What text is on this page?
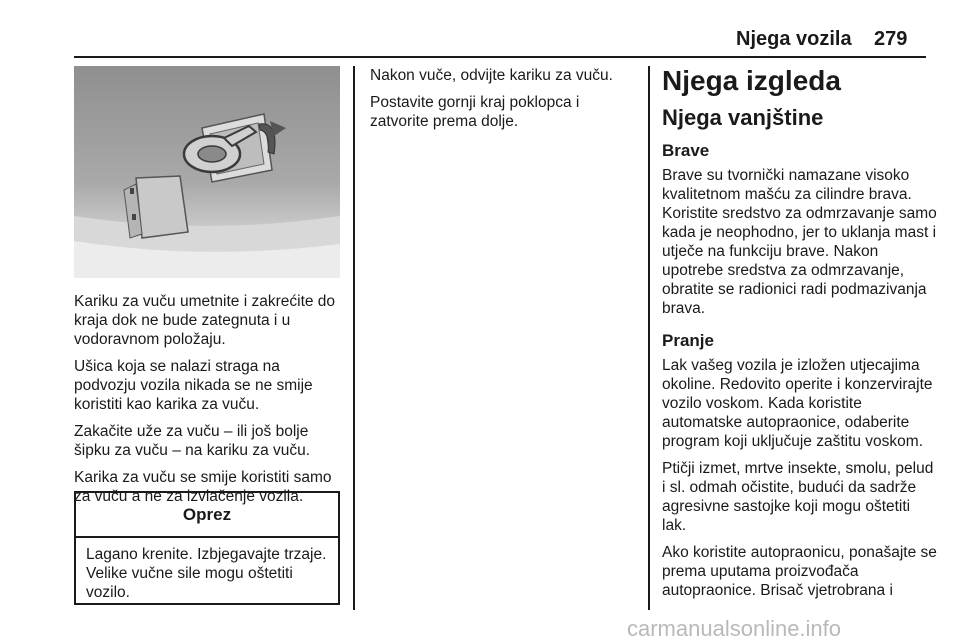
Njega vozila 279

Kariku za vuču umetnite i zakrećite do kraja dok ne bude zategnuta i u vodoravnom položaju.

Ušica koja se nalazi straga na podvozju vozila nikada se ne smije koristiti kao karika za vuču.

Zakačite uže za vuču – ili još bolje šipku za vuču – na kariku za vuču.

Karika za vuču se smije koristiti samo za vuču a ne za izvlačenje vozila.

Oprez
Lagano krenite. Izbjegavajte trzaje. Velike vučne sile mogu oštetiti vozilo.

Nakon vuče, odvijte kariku za vuču.

Postavite gornji kraj poklopca i zatvorite prema dolje.

Njega izgleda
Njega vanjštine
Brave
Brave su tvornički namazane visoko kvalitetnom mašću za cilindre brava. Koristite sredstvo za odmrzavanje samo kada je neophodno, jer to uklanja mast i utječe na funkciju brave. Nakon upotrebe sredstva za odmrzavanje, obratite se radionici radi podmazivanja brava.
Pranje

Lak vašeg vozila je izložen utjecajima okoline. Redovito operite i konzervirajte vozilo voskom. Kada koristite automatske autopraonice, odaberite program koji uključuje zaštitu voskom.

Ptičji izmet, mrtve insekte, smolu, pelud i sl. odmah očistite, budući da sadrže agresivne sastojke koji mogu oštetiti lak.

Ako koristite autopraonicu, ponašajte se prema uputama proizvođača autopraonice. Brisač vjetrobrana i

carmanualsonline.info
